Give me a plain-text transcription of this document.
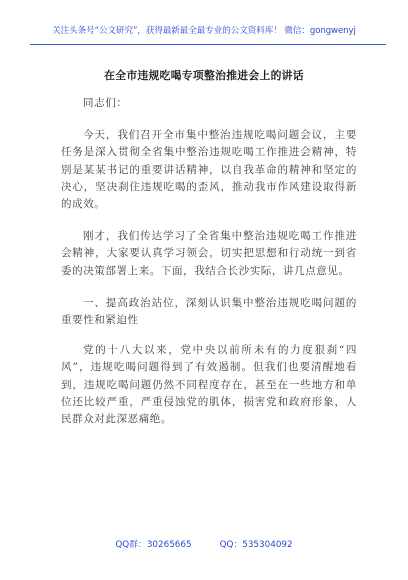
关注头条号“公文研究”，获得最新最全最专业的公文资料库！ 微信：gongwenyj
在全市违规吃喝专项整治推进会上的讲话

同志们：

今天，我们召开全市集中整治违规吃喝问题会议，主要任务是深入贯彻全省集中整治违规吃喝工作推进会精神，特别是某某书记的重要讲话精神，以自我革命的精神和坚定的决心，坚决刹住违规吃喝的歪风，推动我市作风建设取得新的成效。

刚才，我们传达学习了全省集中整治违规吃喝工作推进会精神，大家要认真学习领会，切实把思想和行动统一到省委的决策部署上来。下面，我结合长沙实际，讲几点意见。

一、提高政治站位，深刻认识集中整治违规吃喝问题的重要性和紧迫性

党的十八大以来，党中央以前所未有的力度狠刹“四风”，违规吃喝问题得到了有效遏制。但我们也要清醒地看到，违规吃喝问题仍然不同程度存在，甚至在一些地方和单位还比较严重，严重侵蚀党的肌体，损害党和政府形象，人民群众对此深恶痛绝。

QQ群：30265665	QQ：535304092
